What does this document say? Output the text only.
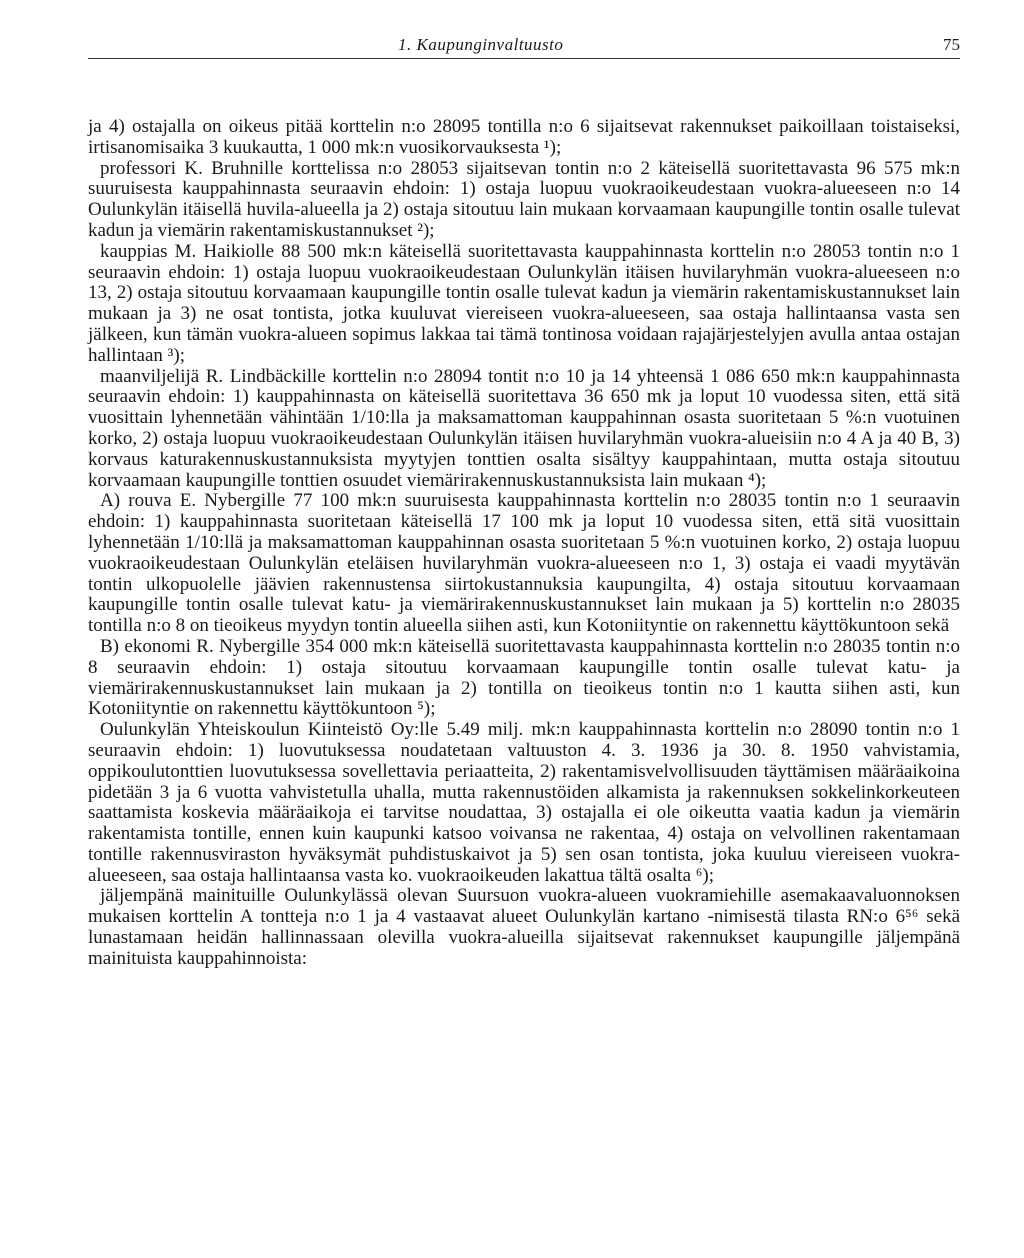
1. Kaupunginvaltuusto	75

ja 4) ostajalla on oikeus pitää korttelin n:o 28095 tontilla n:o 6 sijaitsevat rakennukset paikoillaan toistaiseksi, irtisanomisaika 3 kuukautta, 1 000 mk:n vuosikorvauksesta ¹);

professori K. Bruhnille korttelissa n:o 28053 sijaitsevan tontin n:o 2 käteisellä suoritettavasta 96 575 mk:n suuruisesta kauppahinnasta seuraavin ehdoin: 1) ostaja luopuu vuokraoikeudestaan vuokra-alueeseen n:o 14 Oulunkylän itäisellä huvila-alueella ja 2) ostaja sitoutuu lain mukaan korvaamaan kaupungille tontin osalle tulevat kadun ja viemärin rakentamiskustannukset ²);

kauppias M. Haikiolle 88 500 mk:n käteisellä suoritettavasta kauppahinnasta korttelin n:o 28053 tontin n:o 1 seuraavin ehdoin: 1) ostaja luopuu vuokraoikeudestaan Oulunkylän itäisen huvilaryhmän vuokra-alueeseen n:o 13, 2) ostaja sitoutuu korvaamaan kaupungille tontin osalle tulevat kadun ja viemärin rakentamiskustannukset lain mukaan ja 3) ne osat tontista, jotka kuuluvat viereiseen vuokra-alueeseen, saa ostaja hallintaansa vasta sen jälkeen, kun tämän vuokra-alueen sopimus lakkaa tai tämä tontinosa voidaan rajajärjestelyjen avulla antaa ostajan hallintaan ³);

maanviljelijä R. Lindbäckille korttelin n:o 28094 tontit n:o 10 ja 14 yhteensä 1 086 650 mk:n kauppahinnasta seuraavin ehdoin: 1) kauppahinnasta on käteisellä suoritettava 36 650 mk ja loput 10 vuodessa siten, että sitä vuosittain lyhennetään vähintään 1/10:lla ja maksamattoman kauppahinnan osasta suoritetaan 5 %:n vuotuinen korko, 2) ostaja luopuu vuokraoikeudestaan Oulunkylän itäisen huvilaryhmän vuokra-alueisiin n:o 4 A ja 40 B, 3) korvaus katurakennuskustannuksista myytyjen tonttien osalta sisältyy kauppahintaan, mutta ostaja sitoutuu korvaamaan kaupungille tonttien osuudet viemärirakennuskustannuksista lain mukaan ⁴);

A) rouva E. Nybergille 77 100 mk:n suuruisesta kauppahinnasta korttelin n:o 28035 tontin n:o 1 seuraavin ehdoin: 1) kauppahinnasta suoritetaan käteisellä 17 100 mk ja loput 10 vuodessa siten, että sitä vuosittain lyhennetään 1/10:llä ja maksamattoman kauppahinnan osasta suoritetaan 5 %:n vuotuinen korko, 2) ostaja luopuu vuokraoikeudestaan Oulunkylän eteläisen huvilaryhmän vuokra-alueeseen n:o 1, 3) ostaja ei vaadi myytävän tontin ulkopuolelle jäävien rakennustensa siirtokustannuksia kaupungilta, 4) ostaja sitoutuu korvaamaan kaupungille tontin osalle tulevat katu- ja viemärirakennuskustannukset lain mukaan ja 5) korttelin n:o 28035 tontilla n:o 8 on tieoikeus myydyn tontin alueella siihen asti, kun Kotoniityntie on rakennettu käyttökuntoon sekä

B) ekonomi R. Nybergille 354 000 mk:n käteisellä suoritettavasta kauppahinnasta korttelin n:o 28035 tontin n:o 8 seuraavin ehdoin: 1) ostaja sitoutuu korvaamaan kaupungille tontin osalle tulevat katu- ja viemärirakennuskustannukset lain mukaan ja 2) tontilla on tieoikeus tontin n:o 1 kautta siihen asti, kun Kotoniityntie on rakennettu käyttökuntoon ⁵);

Oulunkylän Yhteiskoulun Kiinteistö Oy:lle 5.49 milj. mk:n kauppahinnasta korttelin n:o 28090 tontin n:o 1 seuraavin ehdoin: 1) luovutuksessa noudatetaan valtuuston 4. 3. 1936 ja 30. 8. 1950 vahvistamia, oppikoulutonttien luovutuksessa sovellettavia periaatteita, 2) rakentamisvelvollisuuden täyttämisen määräaikoina pidetään 3 ja 6 vuotta vahvistetulla uhalla, mutta rakennustöiden alkamista ja rakennuksen sokkelinkorkeuteen saattamista koskevia määräaikoja ei tarvitse noudattaa, 3) ostajalla ei ole oikeutta vaatia kadun ja viemärin rakentamista tontille, ennen kuin kaupunki katsoo voivansa ne rakentaa, 4) ostaja on velvollinen rakentamaan tontille rakennusviraston hyväksymät puhdistuskaivot ja 5) sen osan tontista, joka kuuluu viereiseen vuokra-alueeseen, saa ostaja hallintaansa vasta ko. vuokraoikeuden lakattua tältä osalta ⁶);

jäljempänä mainituille Oulunkylässä olevan Suursuon vuokra-alueen vuokramiehille asemakaavaluonnoksen mukaisen korttelin A tontteja n:o 1 ja 4 vastaavat alueet Oulunkylän kartano -nimisestä tilasta RN:o 6⁵⁶ sekä lunastamaan heidän hallinnassaan olevilla vuokra-alueilla sijaitsevat rakennukset kaupungille jäljempänä mainituista kauppahinnoista:
